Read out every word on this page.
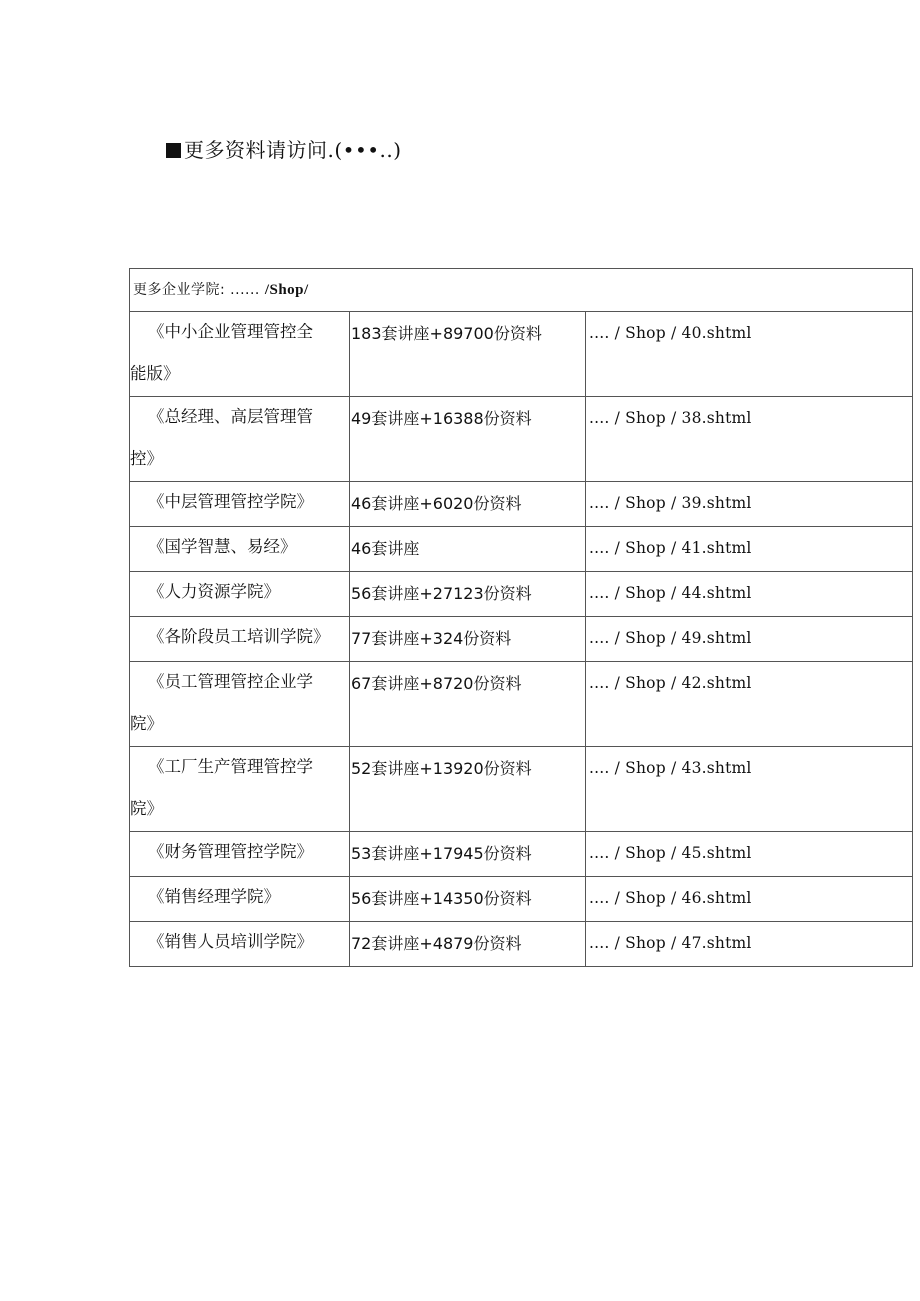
更多资料请访问.(•••..)
更多企业学院: ...... /Shop/		

《中小企业管理管控全
能版》	183套讲座+89700份资料	.... / Shop / 40.shtml

《总经理、高层管理管
控》	49套讲座+16388份资料	.... / Shop / 38.shtml

《中层管理管控学院》	46套讲座+6020份资料	.... / Shop / 39.shtml

《国学智慧、易经》	46套讲座	.... / Shop / 41.shtml

《人力资源学院》	56套讲座+27123份资料	.... / Shop / 44.shtml

《各阶段员工培训学院》	77套讲座+324份资料	.... / Shop / 49.shtml

《员工管理管控企业学
院》	67套讲座+8720份资料	.... / Shop / 42.shtml

《工厂生产管理管控学
院》	52套讲座+13920份资料	.... / Shop / 43.shtml

《财务管理管控学院》	53套讲座+17945份资料	.... / Shop / 45.shtml

《销售经理学院》	56套讲座+14350份资料	.... / Shop / 46.shtml

《销售人员培训学院》	72套讲座+4879份资料	.... / Shop / 47.shtml
